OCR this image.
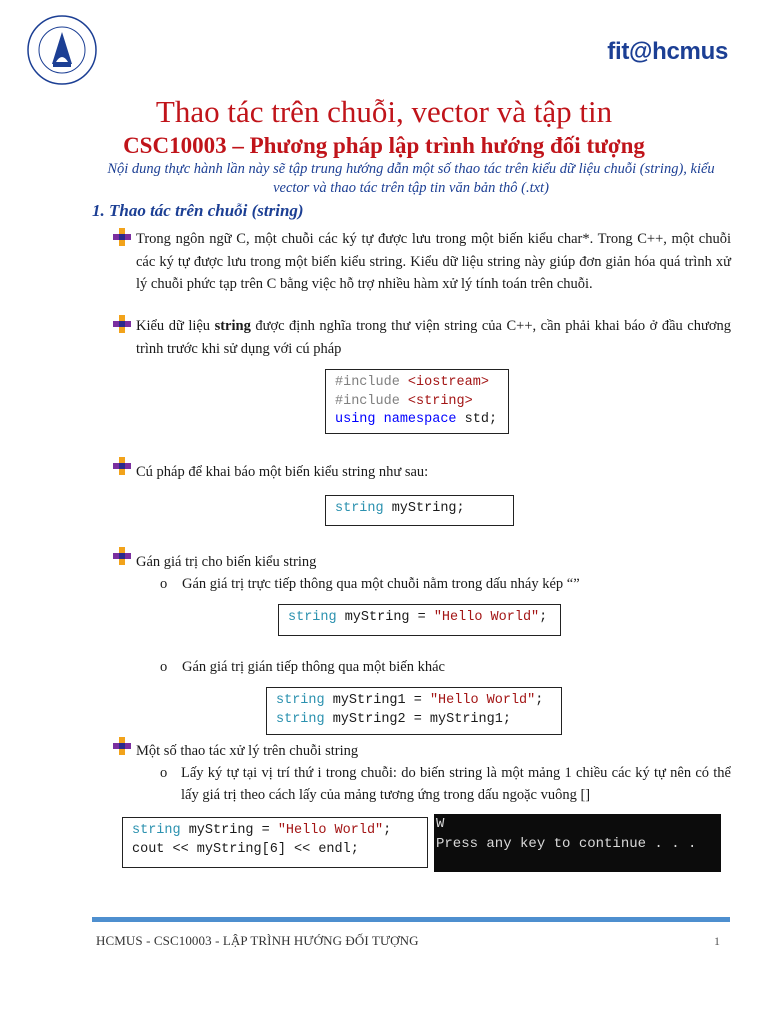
fit@hcmus
Thao tác trên chuỗi, vector và tập tin
CSC10003 – Phương pháp lập trình hướng đối tượng
Nội dung thực hành lần này sẽ tập trung hướng dẫn một số thao tác trên kiểu dữ liệu chuỗi (string), kiểu vector và thao tác trên tập tin văn bản thô (.txt)
1. Thao tác trên chuỗi (string)
Trong ngôn ngữ C, một chuỗi các ký tự được lưu trong một biến kiểu char*. Trong C++, một chuỗi các ký tự được lưu trong một biến kiểu string. Kiểu dữ liệu string này giúp đơn giản hóa quá trình xử lý chuỗi phức tạp trên C bằng việc hỗ trợ nhiều hàm xử lý tính toán trên chuỗi.
Kiểu dữ liệu string được định nghĩa trong thư viện string của C++, cần phải khai báo ở đầu chương trình trước khi sử dụng với cú pháp
#include <iostream>
#include <string>
using namespace std;
Cú pháp để khai báo một biến kiểu string như sau:
string myString;
Gán giá trị cho biến kiểu string
o Gán giá trị trực tiếp thông qua một chuỗi nằm trong dấu nháy kép “”
string myString = "Hello World";
o Gán giá trị gián tiếp thông qua một biến khác
string myString1 = "Hello World";
string myString2 = myString1;
Một số thao tác xử lý trên chuỗi string
o Lấy ký tự tại vị trí thứ i trong chuỗi: do biến string là một mảng 1 chiều các ký tự nên có thể lấy giá trị theo cách lấy của mảng tương ứng trong dấu ngoặc vuông []
string myString = "Hello World";
cout << myString[6] << endl;
W
Press any key to continue . . .
HCMUS - CSC10003 - LẬP TRÌNH HƯỚNG ĐỐI TƯỢNG	1
